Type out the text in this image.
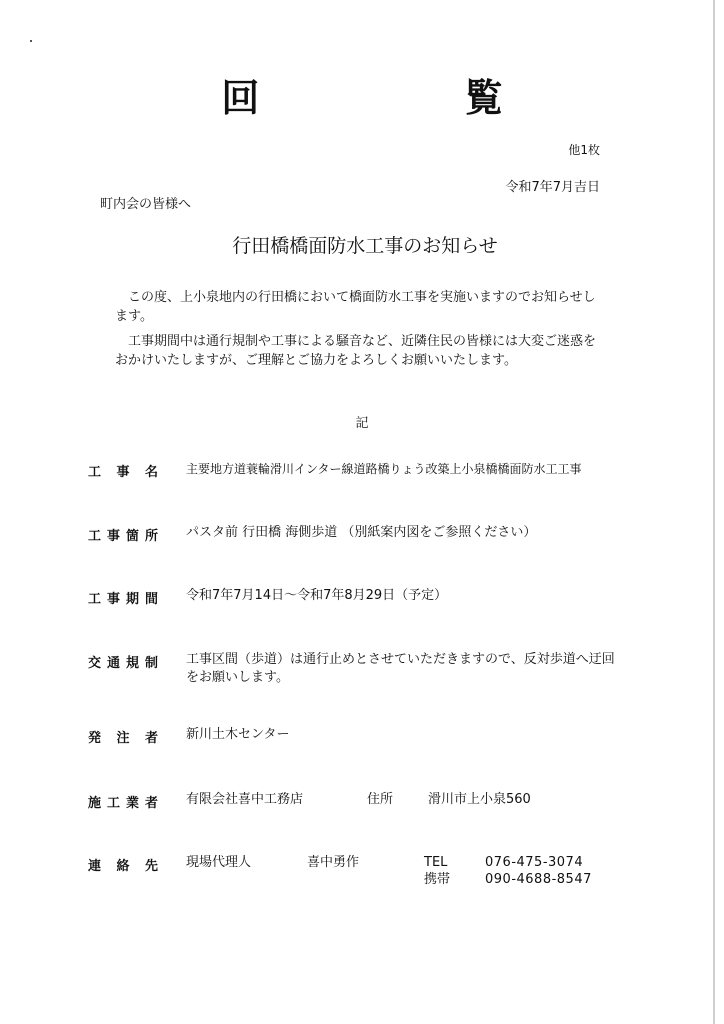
回 覧
他1枚
令和7年7月吉日
町内会の皆様へ
行田橋橋面防水工事のお知らせ
この度、上小泉地内の行田橋において橋面防水工事を実施いますのでお知らせします。
工事期間中は通行規制や工事による騒音など、近隣住民の皆様には大変ご迷惑をおかけいたしますが、ご理解とご協力をよろしくお願いいたします。
記
工事名 主要地方道蓑輪滑川インター線道路橋りょう改築上小泉橋橋面防水工工事
工事箇所 パスタ前 行田橋 海側歩道 （別紙案内図をご参照ください）
工事期間 令和7年7月14日～令和7年8月29日（予定）
交通規制 工事区間（歩道）は通行止めとさせていただきますので、反対歩道へ迂回をお願いします。
発注者 新川土木センター
施工業者 有限会社喜中工務店	住所	滑川市上小泉560
連絡先 現場代理人	喜中勇作	TEL	076-475-3074
携帯	090-4688-8547
